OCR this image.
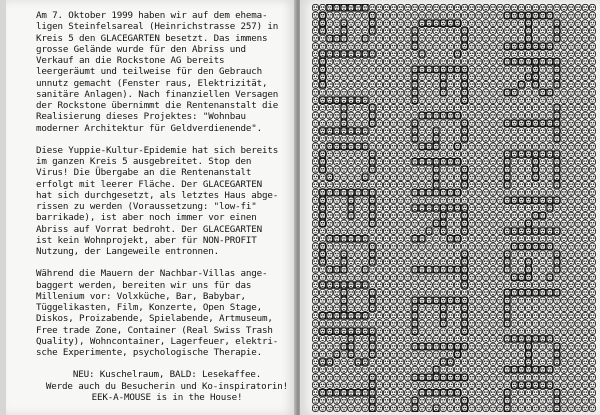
Am 7. Oktober 1999 haben wir auf dem ehema-
ligen Steinfelsareal (Heinrichstrasse 257) in
Kreis 5 den GLACEGARTEN besetzt. Das immens
grosse Gelände wurde für den Abriss und
Verkauf an die Rockstone AG bereits
leergeräumt und teilweise für den Gebrauch
unnutz gemacht (Fenster raus, Elektrizität,
sanitäre Anlagen). Nach finanziellen Versagen
der Rockstone übernimmt die Rentenanstalt die
Realisierung dieses Projektes: "Wohnbau
moderner Architektur für Geldverdienende".
Diese Yuppie-Kultur-Epidemie hat sich bereits
im ganzen Kreis 5 ausgebreitet. Stop den
Virus! Die Übergabe an die Rentenanstalt
erfolgt mit leerer Fläche. Der GLACEGARTEN
hat sich durchgesetzt, als letztes Haus abge-
rissen zu werden (Voraussetzung: "low-fi"
barrikade), ist aber noch immer vor einen
Abriss auf Vorrat bedroht. Der GLACEGARTEN
ist kein Wohnprojekt, aber für NON-PROFIT
Nutzung, der Langeweile entronnen.
Während die Mauern der Nachbar-Villas ange-
baggert werden, bereiten wir uns für das
Millenium vor: Volxküche, Bar, Babybar,
Tüggelikasten, Film, Konzerte, Open Stage,
Diskos, Proizabende, Spielabende, Artmuseum,
Free trade Zone, Container (Real Swiss Trash
Quality), Wohncontainer, Lagerfeuer, elektri-
sche Experimente, psychologische Therapie.
NEU: Kuschelraum, BALD: Lesekaffee.
Werde auch du Besucherin und Ko-inspiratorin!
EEK-A-MOUSE is in the House!
